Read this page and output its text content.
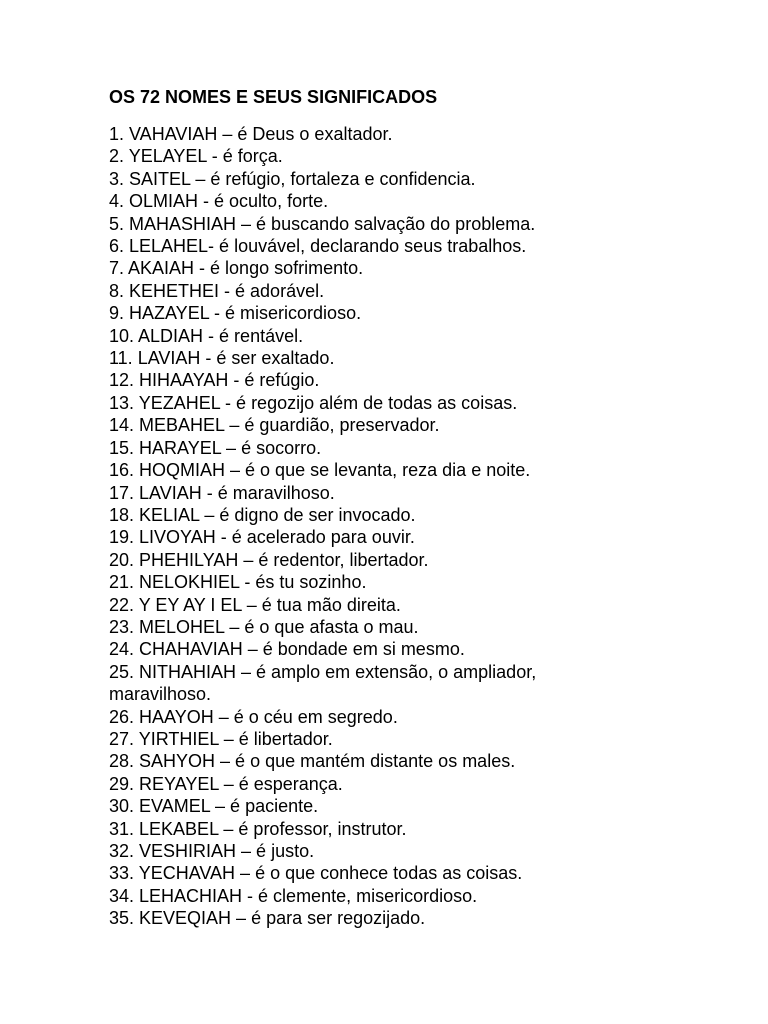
OS 72 NOMES E SEUS SIGNIFICADOS
1. VAHAVIAH – é Deus o exaltador.
2. YELAYEL - é força.
3. SAITEL – é refúgio, fortaleza e confidencia.
4. OLMIAH - é oculto, forte.
5. MAHASHIAH – é buscando salvação do problema.
6. LELAHEL- é louvável, declarando seus trabalhos.
7. AKAIAH - é longo sofrimento.
8. KEHETHEI - é adorável.
9. HAZAYEL - é misericordioso.
10. ALDIAH - é rentável.
11. LAVIAH - é ser exaltado.
12. HIHAAYAH - é refúgio.
13. YEZAHEL - é regozijo além de todas as coisas.
14. MEBAHEL – é guardião, preservador.
15. HARAYEL – é socorro.
16. HOQMIAH – é o que se levanta, reza dia e noite.
17. LAVIAH - é maravilhoso.
18. KELIAL – é digno de ser invocado.
19. LIVOYAH - é acelerado para ouvir.
20. PHEHILYAH – é redentor, libertador.
21. NELOKHIEL - és tu sozinho.
22. Y EY AY I EL – é tua mão direita.
23. MELOHEL – é o que afasta o mau.
24. CHAHAVIAH – é bondade em si mesmo.
25. NITHAHIAH – é amplo em extensão, o ampliador,
maravilhoso.
26. HAAYOH – é o céu em segredo.
27. YIRTHIEL – é libertador.
28. SAHYOH – é o que mantém distante os males.
29. REYAYEL – é esperança.
30. EVAMEL – é paciente.
31. LEKABEL – é professor, instrutor.
32. VESHIRIAH – é justo.
33. YECHAVAH – é o que conhece todas as coisas.
34. LEHACHIAH - é clemente, misericordioso.
35. KEVEQIAH – é para ser regozijado.
